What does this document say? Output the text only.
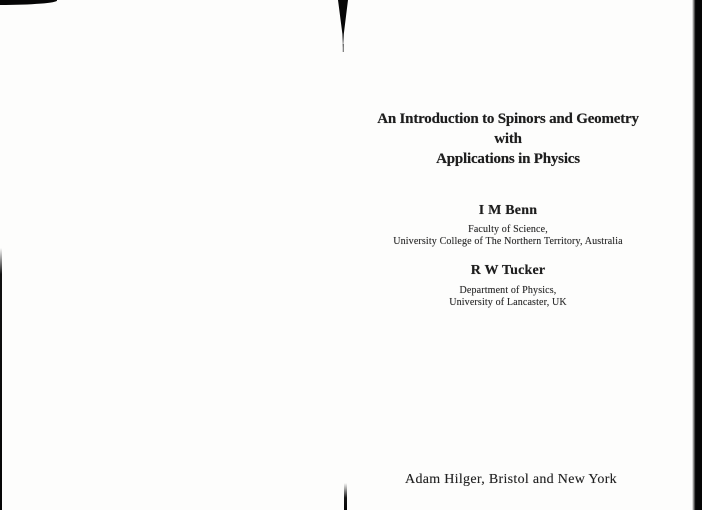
An Introduction to Spinors and Geometry
with
Applications in Physics
I M Benn
Faculty of Science,
University College of The Northern Territory, Australia
R W Tucker
Department of Physics,
University of Lancaster, UK
Adam Hilger, Bristol and New York
